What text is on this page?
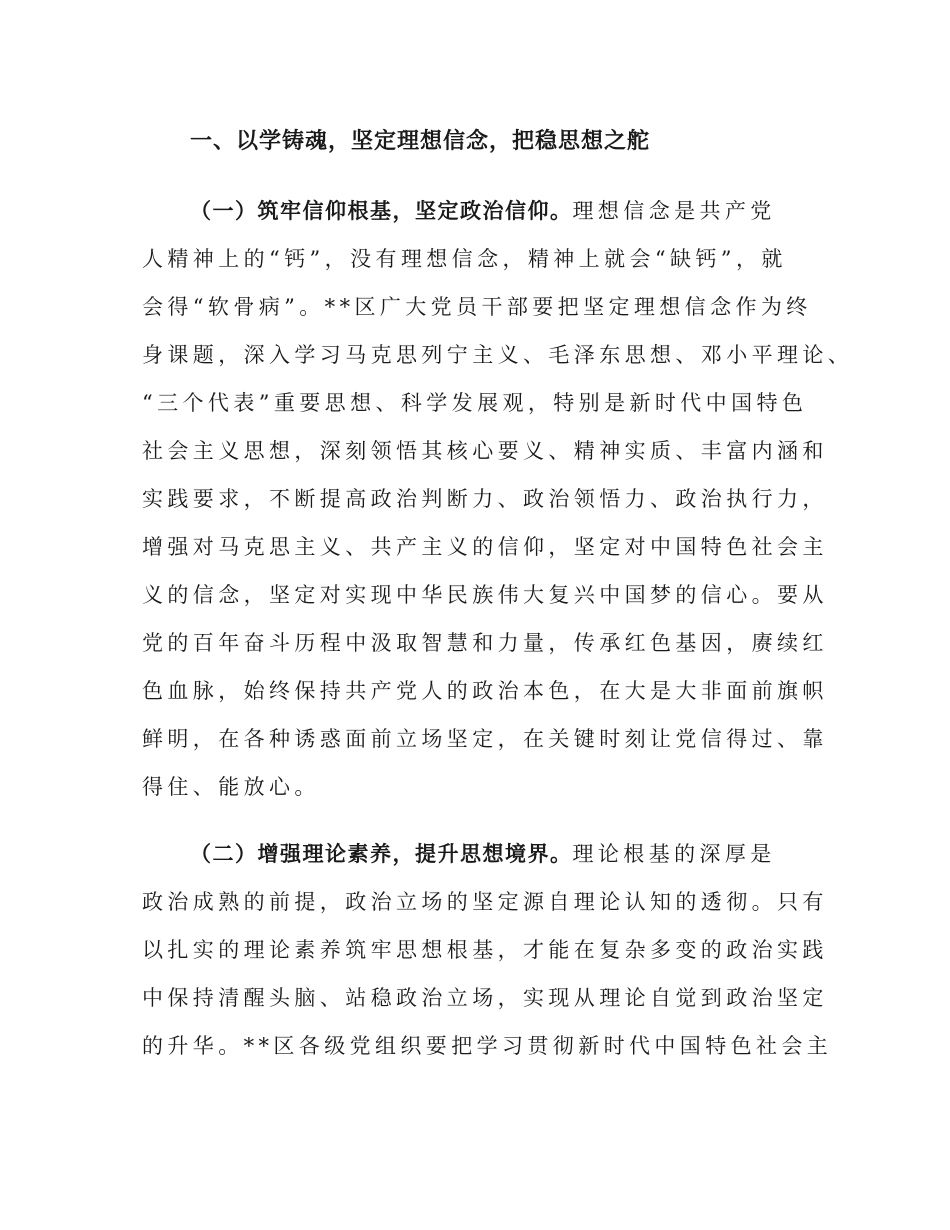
一、以学铸魂，坚定理想信念，把稳思想之舵
（一）筑牢信仰根基，坚定政治信仰。理想信念是共产党
人精神上的“钙”，没有理想信念，精神上就会“缺钙”，就
会得“软骨病”。**区广大党员干部要把坚定理想信念作为终
身课题，深入学习马克思列宁主义、毛泽东思想、邓小平理论、
“三个代表”重要思想、科学发展观，特别是新时代中国特色
社会主义思想，深刻领悟其核心要义、精神实质、丰富内涵和
实践要求，不断提高政治判断力、政治领悟力、政治执行力，
增强对马克思主义、共产主义的信仰，坚定对中国特色社会主
义的信念，坚定对实现中华民族伟大复兴中国梦的信心。要从
党的百年奋斗历程中汲取智慧和力量，传承红色基因，赓续红
色血脉，始终保持共产党人的政治本色，在大是大非面前旗帜
鲜明，在各种诱惑面前立场坚定，在关键时刻让党信得过、靠
得住、能放心。
（二）增强理论素养，提升思想境界。理论根基的深厚是
政治成熟的前提，政治立场的坚定源自理论认知的透彻。只有
以扎实的理论素养筑牢思想根基，才能在复杂多变的政治实践
中保持清醒头脑、站稳政治立场，实现从理论自觉到政治坚定
的升华。**区各级党组织要把学习贯彻新时代中国特色社会主
